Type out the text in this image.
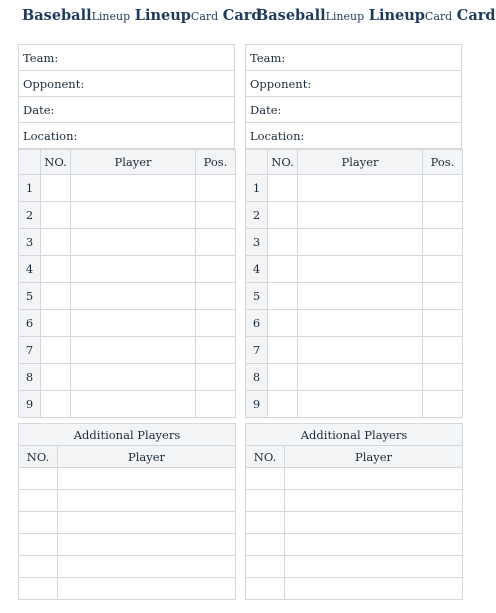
BaseballLineup LineupCard Card
Team:
Opponent:
Date:
Location:
	NO.	Player	Pos.
1			
2			
3			
4			
5			
6			
7			
8			
9			
Additional Players	
NO.	Player

BaseballLineup LineupCard Card
Team:
Opponent:
Date:
Location:
	NO.	Player	Pos.
1			
2			
3			
4			
5			
6			
7			
8			
9			
Additional Players	
NO.	Player
